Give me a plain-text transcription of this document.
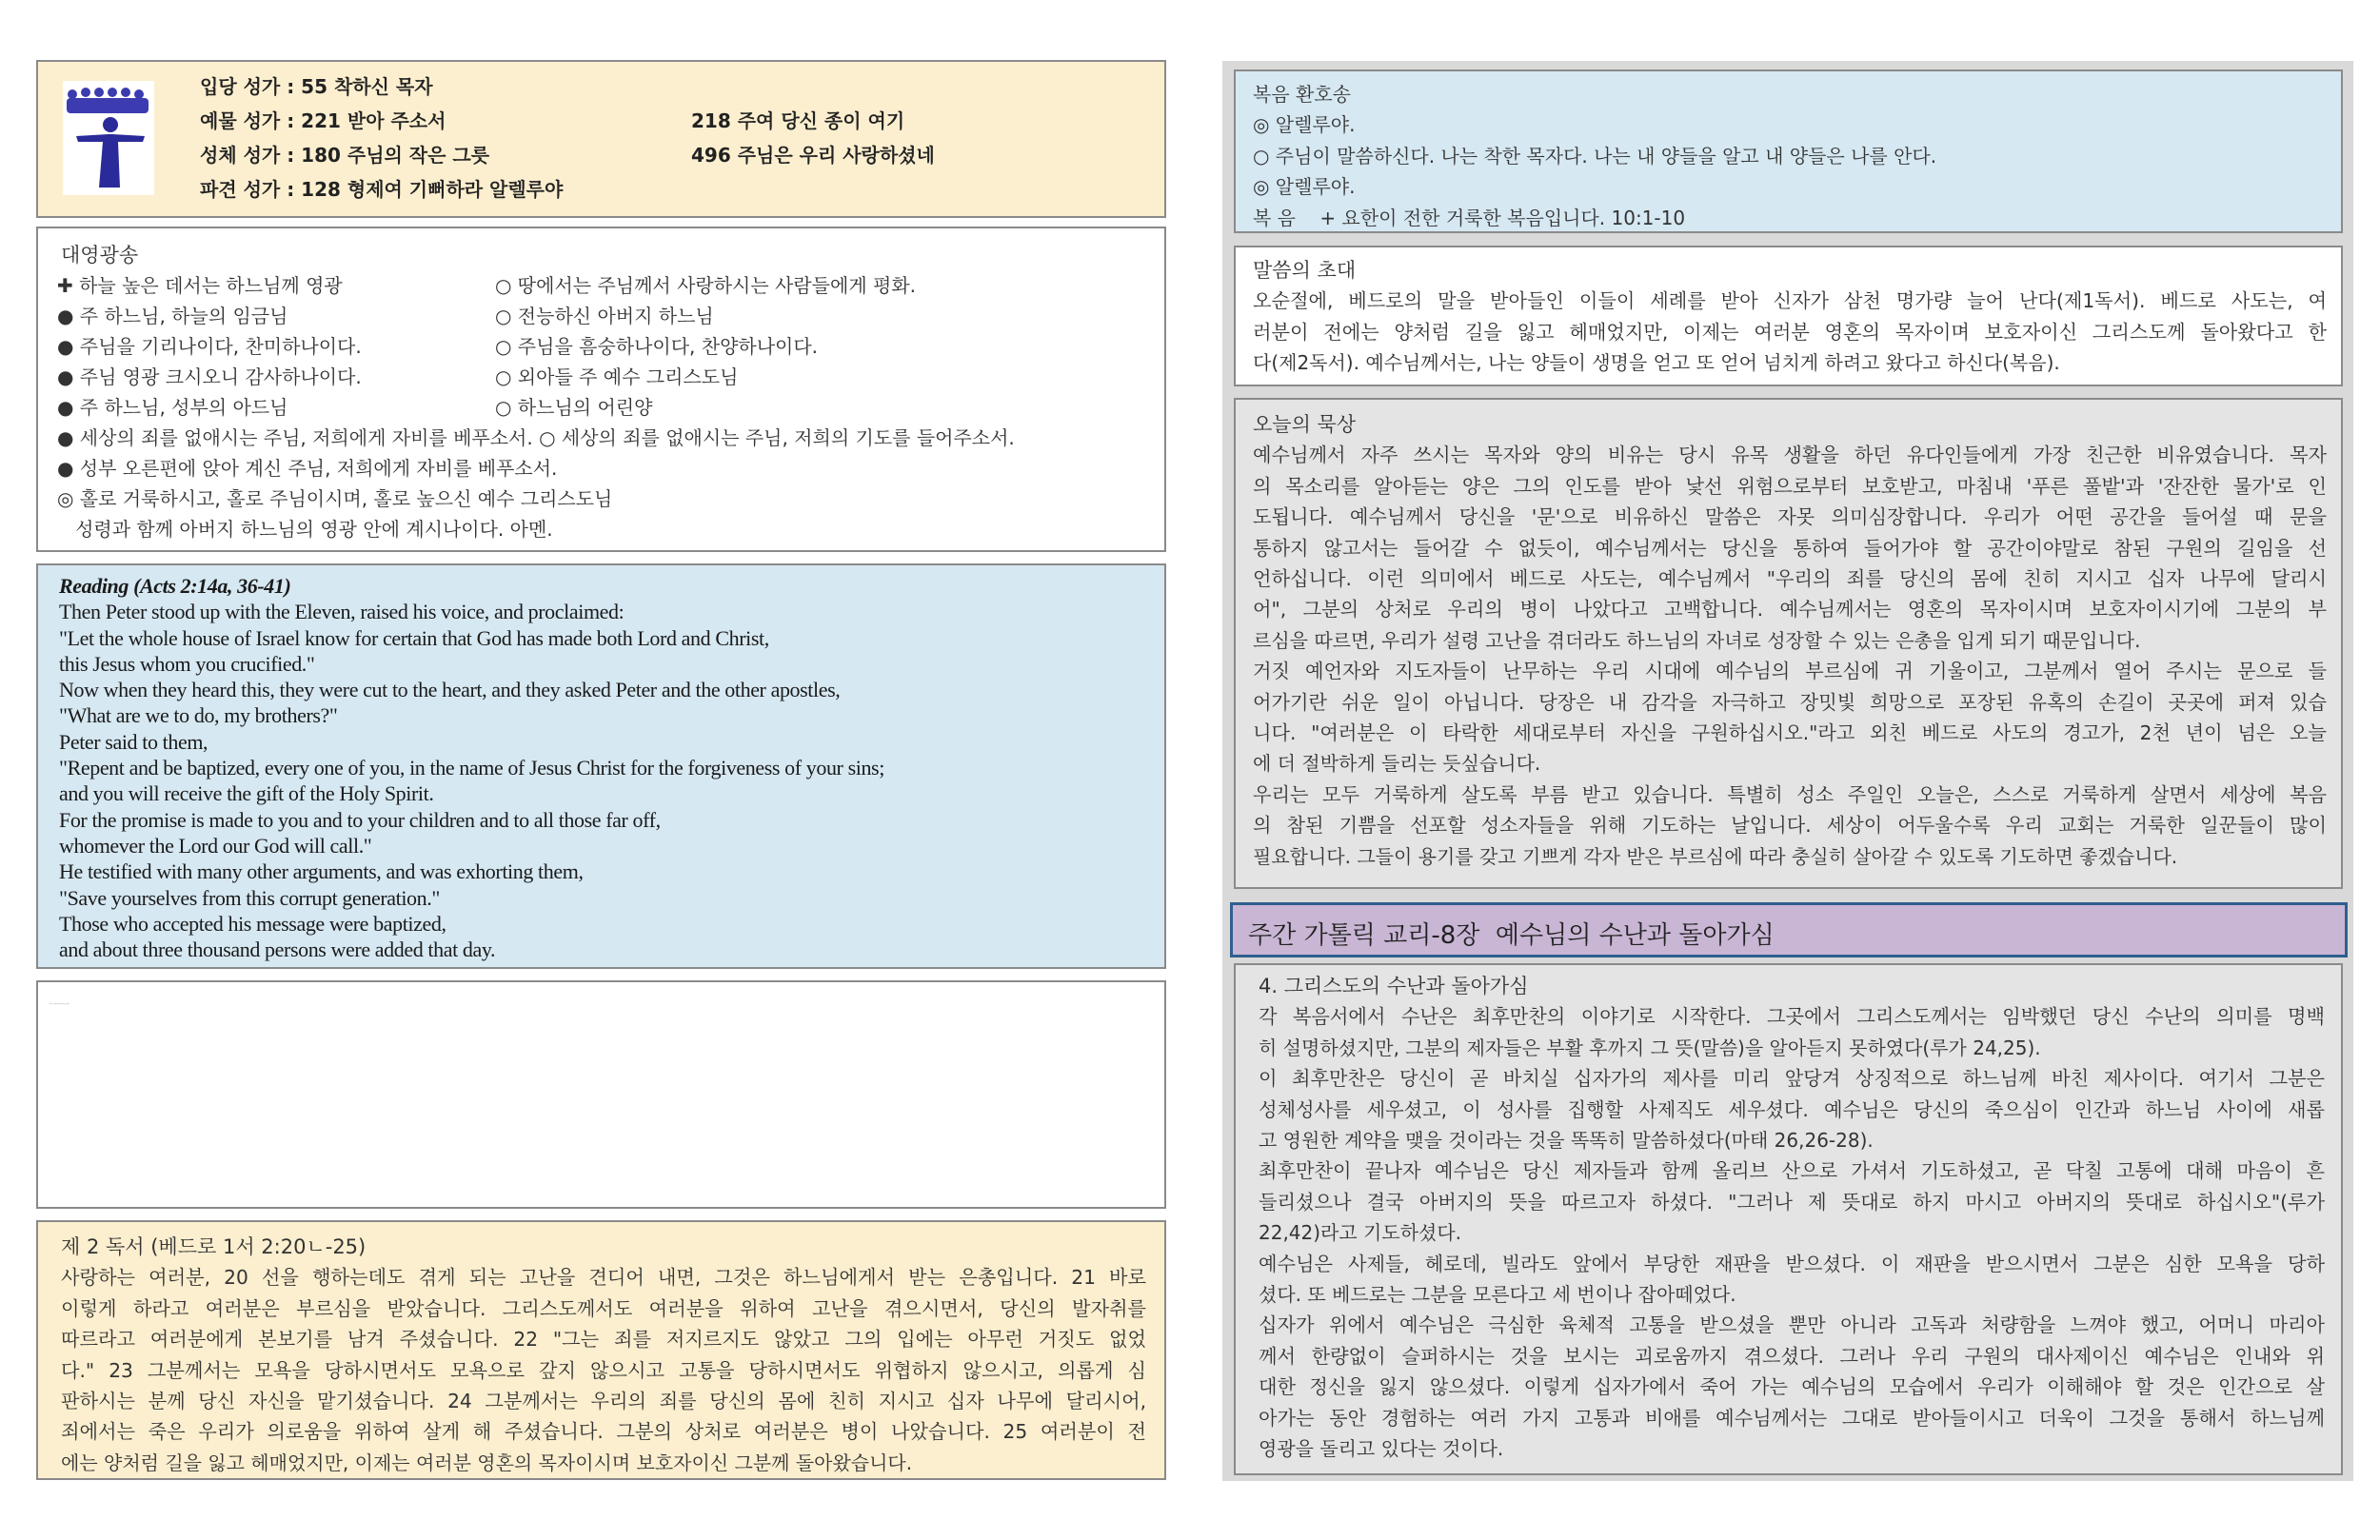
입당 성가 : 55 착하신 목자
예물 성가 : 221 받아 주소서	218 주여 당신 종이 여기
성체 성가 : 180 주님의 작은 그릇	496 주님은 우리 사랑하셨네
파견 성가 : 128 형제여 기뻐하라 알렐루야
대영광송
✚ 하늘 높은 데서는 하느님께 영광
● 주 하느님, 하늘의 임금님
● 주님을 기리나이다, 찬미하나이다.
● 주님 영광 크시오니 감사하나이다.
● 주 하느님, 성부의 아드님
○ 땅에서는 주님께서 사랑하시는 사람들에게 평화.
○ 전능하신 아버지 하느님
○ 주님을 흠숭하나이다, 찬양하나이다.
○ 외아들 주 예수 그리스도님
○ 하느님의 어린양
● 세상의 죄를 없애시는 주님, 저희에게 자비를 베푸소서. ○ 세상의 죄를 없애시는 주님, 저희의 기도를 들어주소서.
● 성부 오른편에 앉아 계신 주님, 저희에게 자비를 베푸소서.
◎ 홀로 거룩하시고, 홀로 주님이시며, 홀로 높으신 예수 그리스도님
성령과 함께 아버지 하느님의 영광 안에 계시나이다. 아멘.
Reading (Acts 2:14a, 36-41)
Then Peter stood up with the Eleven, raised his voice, and proclaimed:
"Let the whole house of Israel know for certain that God has made both Lord and Christ,
this Jesus whom you crucified."
Now when they heard this, they were cut to the heart, and they asked Peter and the other apostles,
"What are we to do, my brothers?"
Peter said to them,
"Repent and be baptized, every one of you, in the name of Jesus Christ for the forgiveness of your sins;
and you will receive the gift of the Holy Spirit.
For the promise is made to you and to your children and to all those far off,
whomever the Lord our God will call."
He testified with many other arguments, and was exhorting them,
"Save yourselves from this corrupt generation."
Those who accepted his message were baptized,
and about three thousand persons were added that day.
화답송   ◎ 주님은 나의 목자, 아쉬울 것 없어라.
제 2 독서 (베드로 1서 2:20ㄴ-25)
사랑하는 여러분, 20 선을 행하는데도 겪게 되는 고난을 견디어 내면, 그것은 하느님에게서 받는 은총입니다. 21 바로
이렇게 하라고 여러분은 부르심을 받았습니다. 그리스도께서도 여러분을 위하여 고난을 겪으시면서, 당신의 발자취를
따르라고 여러분에게 본보기를 남겨 주셨습니다. 22 "그는 죄를 저지르지도 않았고 그의 입에는 아무런 거짓도 없었
다." 23 그분께서는 모욕을 당하시면서도 모욕으로 갚지 않으시고 고통을 당하시면서도 위협하지 않으시고, 의롭게 심
판하시는 분께 당신 자신을 맡기셨습니다. 24 그분께서는 우리의 죄를 당신의 몸에 친히 지시고 십자 나무에 달리시어,
죄에서는 죽은 우리가 의로움을 위하여 살게 해 주셨습니다. 그분의 상처로 여러분은 병이 나았습니다. 25 여러분이 전
에는 양처럼 길을 잃고 헤매었지만, 이제는 여러분 영혼의 목자이시며 보호자이신 그분께 돌아왔습니다.
복음 환호송
◎ 알렐루야.
○ 주님이 말씀하신다. 나는 착한 목자다. 나는 내 양들을 알고 내 양들은 나를 안다.
◎ 알렐루야.
복 음    + 요한이 전한 거룩한 복음입니다. 10:1-10
말씀의 초대
오순절에, 베드로의 말을 받아들인 이들이 세례를 받아 신자가 삼천 명가량 늘어 난다(제1독서). 베드로 사도는, 여
러분이 전에는 양처럼 길을 잃고 헤매었지만, 이제는 여러분 영혼의 목자이며 보호자이신 그리스도께 돌아왔다고 한
다(제2독서). 예수님께서는, 나는 양들이 생명을 얻고 또 얻어 넘치게 하려고 왔다고 하신다(복음).
오늘의 묵상
예수님께서 자주 쓰시는 목자와 양의 비유는 당시 유목 생활을 하던 유다인들에게 가장 친근한 비유였습니다. 목자
의 목소리를 알아듣는 양은 그의 인도를 받아 낯선 위험으로부터 보호받고, 마침내 '푸른 풀밭'과 '잔잔한 물가'로 인
도됩니다. 예수님께서 당신을 '문'으로 비유하신 말씀은 자못 의미심장합니다. 우리가 어떤 공간을 들어설 때 문을
통하지 않고서는 들어갈 수 없듯이, 예수님께서는 당신을 통하여 들어가야 할 공간이야말로 참된 구원의 길임을 선
언하십니다. 이런 의미에서 베드로 사도는, 예수님께서 "우리의 죄를 당신의 몸에 친히 지시고 십자 나무에 달리시
어", 그분의 상처로 우리의 병이 나았다고 고백합니다. 예수님께서는 영혼의 목자이시며 보호자이시기에 그분의 부
르심을 따르면, 우리가 설령 고난을 겪더라도 하느님의 자녀로 성장할 수 있는 은총을 입게 되기 때문입니다.
거짓 예언자와 지도자들이 난무하는 우리 시대에 예수님의 부르심에 귀 기울이고, 그분께서 열어 주시는 문으로 들
어가기란 쉬운 일이 아닙니다. 당장은 내 감각을 자극하고 장밋빛 희망으로 포장된 유혹의 손길이 곳곳에 퍼져 있습
니다. "여러분은 이 타락한 세대로부터 자신을 구원하십시오."라고 외친 베드로 사도의 경고가, 2천 년이 넘은 오늘
에 더 절박하게 들리는 듯싶습니다.
우리는 모두 거룩하게 살도록 부름 받고 있습니다. 특별히 성소 주일인 오늘은, 스스로 거룩하게 살면서 세상에 복음
의 참된 기쁨을 선포할 성소자들을 위해 기도하는 날입니다. 세상이 어두울수록 우리 교회는 거룩한 일꾼들이 많이
필요합니다. 그들이 용기를 갖고 기쁘게 각자 받은 부르심에 따라 충실히 살아갈 수 있도록 기도하면 좋겠습니다.
주간 가톨릭 교리-8장  예수님의 수난과 돌아가심
4. 그리스도의 수난과 돌아가심
각 복음서에서 수난은 최후만찬의 이야기로 시작한다. 그곳에서 그리스도께서는 임박했던 당신 수난의 의미를 명백
히 설명하셨지만, 그분의 제자들은 부활 후까지 그 뜻(말씀)을 알아듣지 못하였다(루가 24,25).
이 최후만찬은 당신이 곧 바치실 십자가의 제사를 미리 앞당겨 상징적으로 하느님께 바친 제사이다. 여기서 그분은
성체성사를 세우셨고, 이 성사를 집행할 사제직도 세우셨다. 예수님은 당신의 죽으심이 인간과 하느님 사이에 새롭
고 영원한 계약을 맺을 것이라는 것을 똑똑히 말씀하셨다(마태 26,26-28).
최후만찬이 끝나자 예수님은 당신 제자들과 함께 올리브 산으로 가셔서 기도하셨고, 곧 닥칠 고통에 대해 마음이 흔
들리셨으나 결국 아버지의 뜻을 따르고자 하셨다. "그러나 제 뜻대로 하지 마시고 아버지의 뜻대로 하십시오"(루가
22,42)라고 기도하셨다.
예수님은 사제들, 헤로데, 빌라도 앞에서 부당한 재판을 받으셨다. 이 재판을 받으시면서 그분은 심한 모욕을 당하
셨다. 또 베드로는 그분을 모른다고 세 번이나 잡아떼었다.
십자가 위에서 예수님은 극심한 육체적 고통을 받으셨을 뿐만 아니라 고독과 처량함을 느껴야 했고, 어머니 마리아
께서 한량없이 슬퍼하시는 것을 보시는 괴로움까지 겪으셨다. 그러나 우리 구원의 대사제이신 예수님은 인내와 위
대한 정신을 잃지 않으셨다. 이렇게 십자가에서 죽어 가는 예수님의 모습에서 우리가 이해해야 할 것은 인간으로 살
아가는 동안 경험하는 여러 가지 고통과 비애를 예수님께서는 그대로 받아들이시고 더욱이 그것을 통해서 하느님께
영광을 돌리고 있다는 것이다.
